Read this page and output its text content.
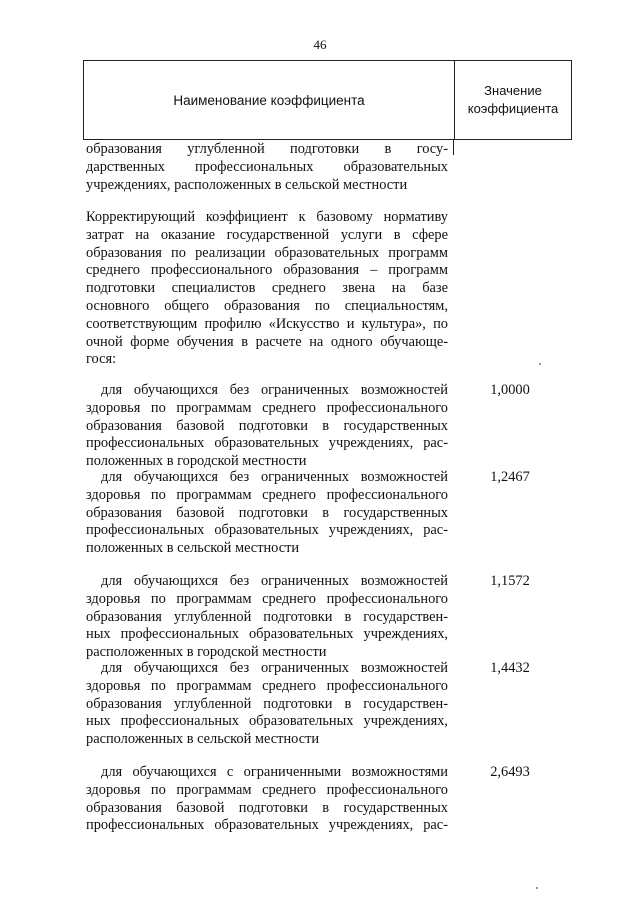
46
Наименование коэффициента
Значение
коэффициента
образования углубленной подготовки в госу-
дарственных профессиональных образовательных
учреждениях, расположенных в сельской местности
Корректирующий коэффициент к базовому нормативу
затрат на оказание государственной услуги в сфере
образования по реализации образовательных программ
среднего профессионального образования – программ
подготовки специалистов среднего звена на базе
основного общего образования по специальностям,
соответствующим профилю «Искусство и культура», по
очной форме обучения в расчете на одного обучающе-
гося:
для обучающихся без ограниченных возможностей
здоровья по программам среднего профессионального
образования базовой подготовки в государственных
профессиональных образовательных учреждениях, рас-
положенных в городской местности
1,0000
для обучающихся без ограниченных возможностей
здоровья по программам среднего профессионального
образования базовой подготовки в государственных
профессиональных образовательных учреждениях, рас-
положенных в сельской местности
1,2467
для обучающихся без ограниченных возможностей
здоровья по программам среднего профессионального
образования углубленной подготовки в государствен-
ных профессиональных образовательных учреждениях,
расположенных в городской местности
1,1572
для обучающихся без ограниченных возможностей
здоровья по программам среднего профессионального
образования углубленной подготовки в государствен-
ных профессиональных образовательных учреждениях,
расположенных в сельской местности
1,4432
для обучающихся с ограниченными возможностями
здоровья по программам среднего профессионального
образования базовой подготовки в государственных
профессиональных образовательных учреждениях, рас-
2,6493
